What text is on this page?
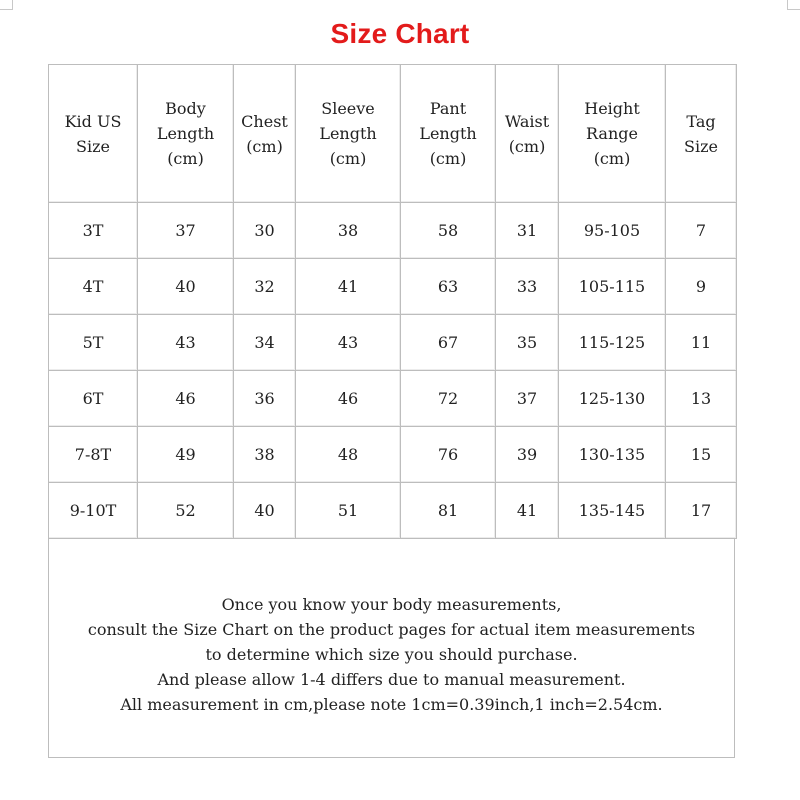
Size Chart
Kid US
Size	Body
Length
(cm)	Chest
(cm)	Sleeve
Length
(cm)	Pant
Length
(cm)	Waist
(cm)	Height
Range
(cm)	Tag
Size
3T	37	30	38	58	31	95-105	7
4T	40	32	41	63	33	105-115	9
5T	43	34	43	67	35	115-125	11
6T	46	36	46	72	37	125-130	13
7-8T	49	38	48	76	39	130-135	15
9-10T	52	40	51	81	41	135-145	17

Once you know your body measurements,

consult the Size Chart on the product pages for actual item measurements

to determine which size you should purchase.

And please allow 1-4 differs due to manual measurement.

All measurement in cm,please note 1cm=0.39inch,1 inch=2.54cm.
